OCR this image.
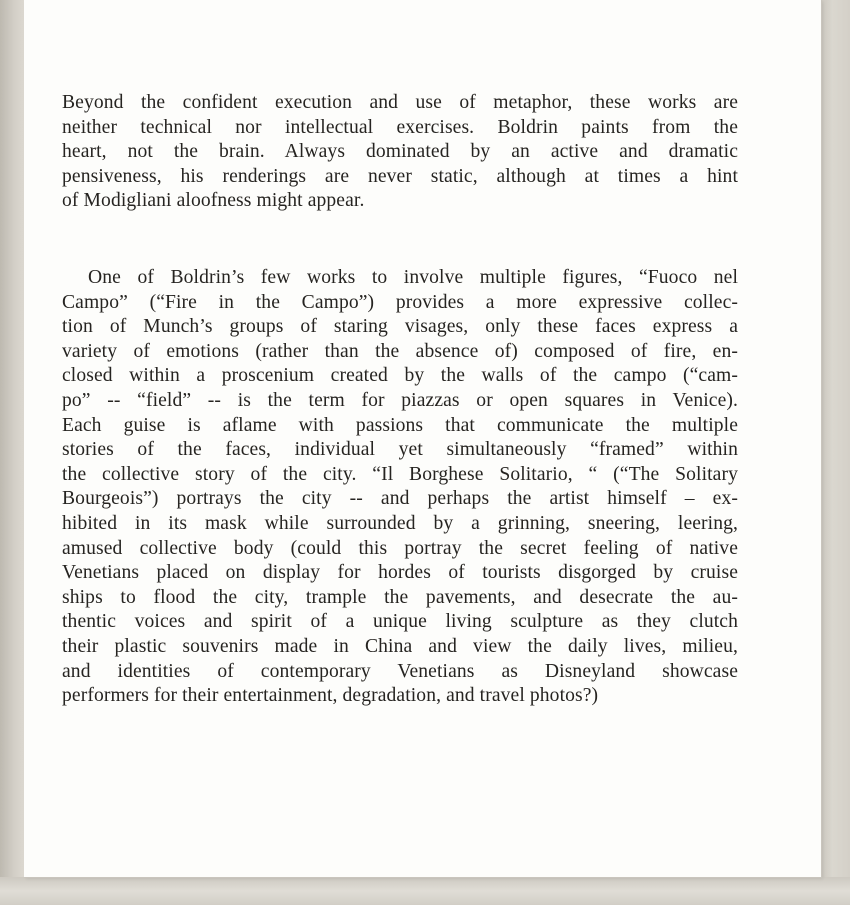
Beyond the confident execution and use of metaphor, these works are
neither technical nor intellectual exercises. Boldrin paints from the
heart, not the brain. Always dominated by an active and dramatic
pensiveness, his renderings are never static, although at times a hint
of Modigliani aloofness might appear.
One of Boldrin’s few works to involve multiple figures, “Fuoco nel
Campo” (“Fire in the Campo”) provides a more expressive collec-
tion of Munch’s groups of staring visages, only these faces express a
variety of emotions (rather than the absence of) composed of fire, en-
closed within a proscenium created by the walls of the campo (“cam-
po” -- “field” -- is the term for piazzas or open squares in Venice).
Each guise is aflame with passions that communicate the multiple
stories of the faces, individual yet simultaneously “framed” within
the collective story of the city. “Il Borghese Solitario, “ (“The Solitary
Bourgeois”) portrays the city -- and perhaps the artist himself – ex-
hibited in its mask while surrounded by a grinning, sneering, leering,
amused collective body (could this portray the secret feeling of native
Venetians placed on display for hordes of tourists disgorged by cruise
ships to flood the city, trample the pavements, and desecrate the au-
thentic voices and spirit of a unique living sculpture as they clutch
their plastic souvenirs made in China and view the daily lives, milieu,
and identities of contemporary Venetians as Disneyland showcase
performers for their entertainment, degradation, and travel photos?)
